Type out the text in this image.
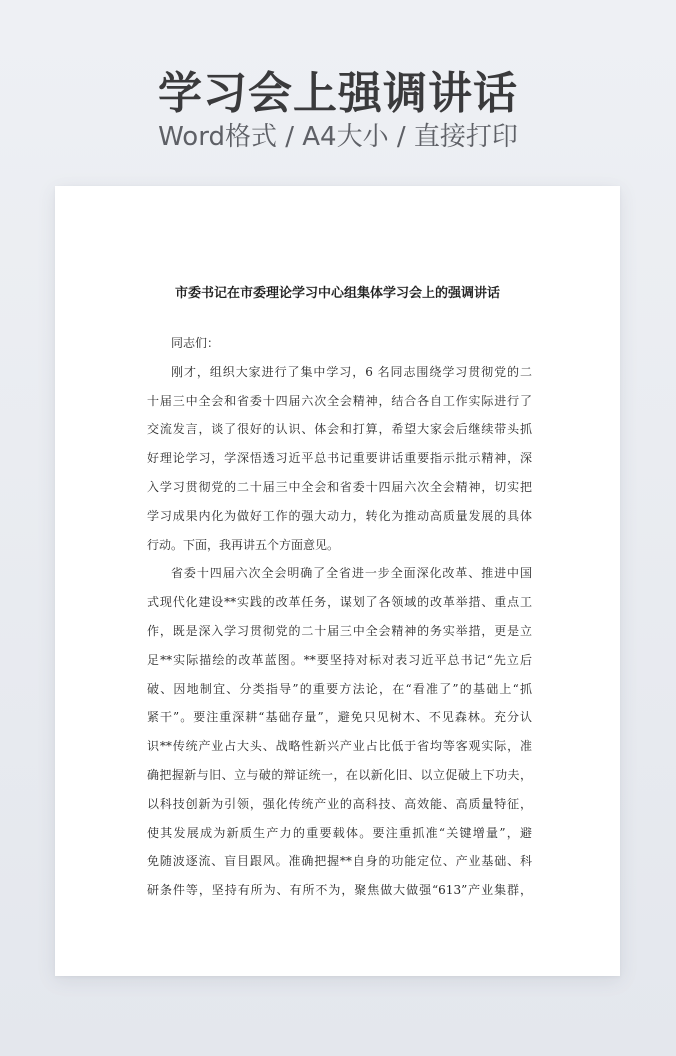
学习会上强调讲话
Word格式 / A4大小 / 直接打印
市委书记在市委理论学习中心组集体学习会上的强调讲话
同志们：
刚才，组织大家进行了集中学习，6 名同志围绕学习贯彻党的二
十届三中全会和省委十四届六次全会精神，结合各自工作实际进行了
交流发言，谈了很好的认识、体会和打算，希望大家会后继续带头抓
好理论学习，学深悟透习近平总书记重要讲话重要指示批示精神，深
入学习贯彻党的二十届三中全会和省委十四届六次全会精神，切实把
学习成果内化为做好工作的强大动力，转化为推动高质量发展的具体
行动。下面，我再讲五个方面意见。
省委十四届六次全会明确了全省进一步全面深化改革、推进中国
式现代化建设**实践的改革任务，谋划了各领域的改革举措、重点工
作，既是深入学习贯彻党的二十届三中全会精神的务实举措，更是立
足**实际描绘的改革蓝图。**要坚持对标对表习近平总书记“先立后
破、因地制宜、分类指导”的重要方法论，在“看准了”的基础上“抓
紧干”。要注重深耕“基础存量”，避免只见树木、不见森林。充分认
识**传统产业占大头、战略性新兴产业占比低于省均等客观实际，准
确把握新与旧、立与破的辩证统一，在以新化旧、以立促破上下功夫，
以科技创新为引领，强化传统产业的高科技、高效能、高质量特征，
使其发展成为新质生产力的重要载体。要注重抓准“关键增量”，避
免随波逐流、盲目跟风。准确把握**自身的功能定位、产业基础、科
研条件等，坚持有所为、有所不为，聚焦做大做强“613”产业集群，
